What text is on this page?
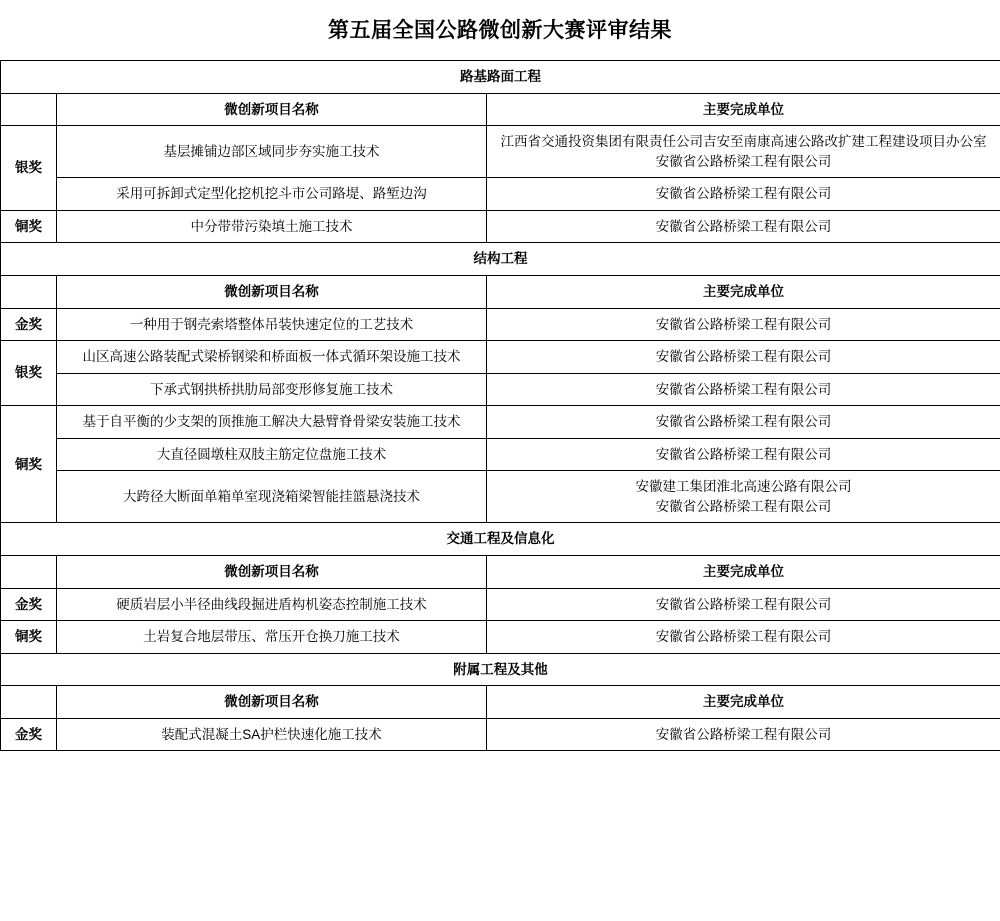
第五届全国公路微创新大赛评审结果
路基路面工程		
	微创新项目名称	主要完成单位
银奖	基层摊铺边部区域同步夯实施工技术	江西省交通投资集团有限责任公司吉安至南康高速公路改扩建工程建设项目办公室
安徽省公路桥梁工程有限公司

	采用可拆卸式定型化挖机挖斗市公司路堤、路堑边沟	安徽省公路桥梁工程有限公司

铜奖	中分带带污染填土施工技术	安徽省公路桥梁工程有限公司

结构工程		
	微创新项目名称	主要完成单位
金奖	一种用于钢壳索塔整体吊装快速定位的工艺技术	安徽省公路桥梁工程有限公司

银奖	山区高速公路装配式梁桥钢梁和桥面板一体式循环架设施工技术	安徽省公路桥梁工程有限公司

	下承式钢拱桥拱肋局部变形修复施工技术	安徽省公路桥梁工程有限公司

铜奖	基于自平衡的少支架的顶推施工解决大悬臂脊骨梁安装施工技术	安徽省公路桥梁工程有限公司

	大直径圆墩柱双肢主筋定位盘施工技术	安徽省公路桥梁工程有限公司

	大跨径大断面单箱单室现浇箱梁智能挂篮悬浇技术	安徽建工集团淮北高速公路有限公司
安徽省公路桥梁工程有限公司

交通工程及信息化		
	微创新项目名称	主要完成单位
金奖	硬质岩层小半径曲线段掘进盾构机姿态控制施工技术	安徽省公路桥梁工程有限公司

铜奖	土岩复合地层带压、常压开仓换刀施工技术	安徽省公路桥梁工程有限公司

附属工程及其他		
	微创新项目名称	主要完成单位
金奖	装配式混凝土SA护栏快速化施工技术	安徽省公路桥梁工程有限公司
